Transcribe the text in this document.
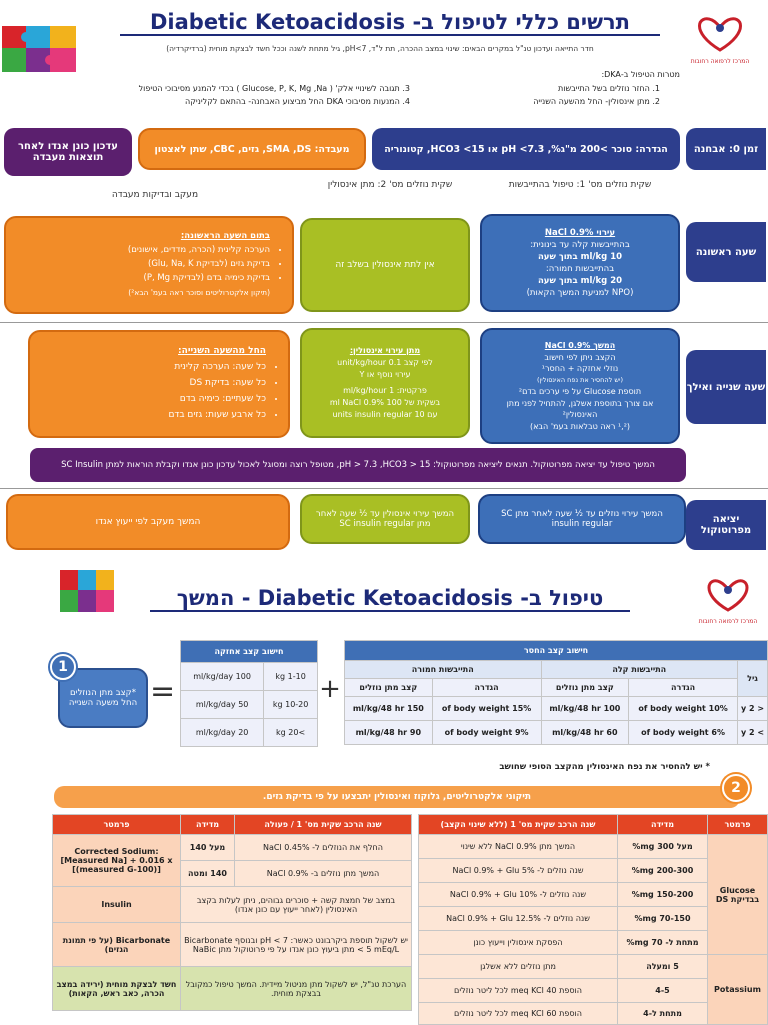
תרשים כללי לטיפול ב- Diabetic Ketoacidosis
המרכז לרפואה רחובות
חדר התייאה ועדכון טנ"ל במקרים הבאים: שינוי במצב ההכרה, תת ל"ד, pH<7, גיל מתחת לשנה וככל חשד לבצקת מוחית (ברדיקרדיה)
מטרות הטיפול ב-DKA:
1. החזר נוזלים בשל התייבשות
2. מתן אינסולין- החל מהשעה השנייה
3. תגובה לשינויי אלק' ( Glucose, P, K, Mg ,Na ) בכדי להמנע מסיבוכי הטיפול
4. המנעות מסיבוכי DKA החל מביצוע האבחנה- בהתאם לקליניקה
זמן 0: אבחנה
הגדרה: סוכר >200 מ"ג%, pH <7.3 או HCO3 <15, קטונוריה
מעבדה: SMA ,DS, גזים, CBC, שתן לאצטון
עדכון כונן אנדו לאחר תוצאות מעבדה
שקית נוזלים מס' 1: טיפול בהתייבשות
שקית נוזלים מס' 2: מתן אינסולין
מעקב ובדיקות מעבדה
שעה ראשונה
עירוי NaCl 0.9%
בהתייבשות קלה עד בינונית:
10 ml/kg בתוך שעה
בהתייבשות חמורה:
20 ml/kg בתוך שעה
(NPO למניעת המשך הקאות)
אין לתת אינסולין בשלב זה
בתום השעה הראשונה:
• הערכה קלינית (הכרה, מדדים, אישונים)
• בדיקת גזים (לבדיקת Glu, Na, K)
• בדיקת כימיה בדם (לבדיקת P, Mg)
(תיקון אלקטרוליטים וסוכר ראה בעמ' הבא²)
שעה שנייה ואילך
המשך NaCl 0.9%
הקצב ניתן לפי חישוב
נוזלי אחזקה + החסר¹
(יש להחסיר את נפח האינסולין)
תוספת Glucose על פי ערכים בדם²
אם צורך בתוספת אשלגן, להתחיל לפני מתן האינסולין²
(¹,² ראה טבלאות בעמ' הבא)
מתן עירוי אינסולין:
לפי קצב 0.1 unit/kg/hour
עירוי נוסף או Y
פרקטית: 1 ml/kg/hour
בשקית של 100 ml NaCl 0.9%
עם 10 units insulin regular
החל מהשעה השנייה:
• כל שעה: הערכה קלינית
• כל שעה: בדיקת DS
• כל שעתיים: כימיה בדם
• כל ארבע שעות: גזים בדם
המשך טיפול עד יציאה מפרוטוקול. תנאים ליציאה מפרוטוקול: pH > 7.3 ,HCO3 > 15, מטופל רוצה ומסוגל לאכול עדכון כונן אנדו וקבלת הוראות למתן SC Insulin
יציאה מפרוטוקול
המשך עירוי נוזלים עד ½ שעה לאחר מתן SC insulin regular
המשך עירוי אינסולין עד ½ שעה לאחר מתן SC insulin regular
המשך מעקב לפי ייעוץ אנדו
טיפול ב- Diabetic Ketoacidosis - המשך
המרכז לרפואה רחובות
1
*קצב מתן הנוזלים החל משעה השנייה =
חישוב קצב אחזקה	
1-10 kg	100 ml/kg/day
10-20 kg	50 ml/kg/day
>20 kg	20 ml/kg/day
+
חישוב קצב החסר				
גיל	התייבשות קלה		התייבשות חמורה	
	הגדרה	קצב מתן נוזלים	הגדרה	קצב מתן נוזלים
< 2 y	10% of body weight	100 ml/kg/48 hr	15% of body weight	150 ml/kg/48 hr
> 2 y	6% of body weight	60 ml/kg/48 hr	9% of body weight	90 ml/kg/48 hr
* יש להחסיר את נפח האינסולין מהקצב הסופי שחושב
תיקוני אלקטרוליטים, גלוקוז ואינסולין יתבצעו על פי בדיקת גזים.
2
פרמטר	מדידה	שנה הרכב שקית מס' 1 (ללא שינוי הקצב)
Glucose בבדיקת DS	מעל 300 mg%	המשך מתן NaCl 0.9% ללא שינוי
	200-300 mg%	שנה נוזלים ל- NaCl 0.9% + Glu 5%
	150-200 mg%	שנה נוזלים ל- NaCl 0.9% + Glu 10%
	70-150 mg%	שנה נוזלים ל- NaCl 0.9% + Glu 12.5%
	מתחת ל- 70 mg%	הפסקת אינסולין וייעוץ כונן
Potassium	5 ומעלה	מתן נוזלים ללא אשלגן
	4-5	הוספת 40 meq KCl לכל ליטר נוזלים
	מתחת ל-4	הוספת 60 meq KCl לכל ליטר נוזלים
שנה הרכב שקית מס' 1 / פעולה	מדידה	פרמטר
החלף את הנוזלים ל- NaCl 0.45%	מעל 140	Corrected Sodium: [Measured Na] + 0.016 x [(measured G-100)]
המשך מתן נוזלים ב- NaCl 0.9%	140 ומטה	
במצב של חמצת קשה + סוכרים גבוהים, ניתן לעלות בקצב האינסולין (לאחר ייעוץ עם כונן אנדו)		Insulin
יש לשקול תוספת ביקרבונט כאשר: pH < 7 ובנוסף Bicarbonate < 5 mEq/L מתן ביעוץ כונן אנדו על פי פרוטוקול מתן NaBic		Bicarbonate (על פי תמונת הגזים)
הערכת טנ"ל, יש לשקול מתן מניטול מיידית. המשך טיפול כמקובל בבצקת מוחית.		חשד לבצקת מוחית (ירידה במצב הכרה, כאב ראש, הקאות)
